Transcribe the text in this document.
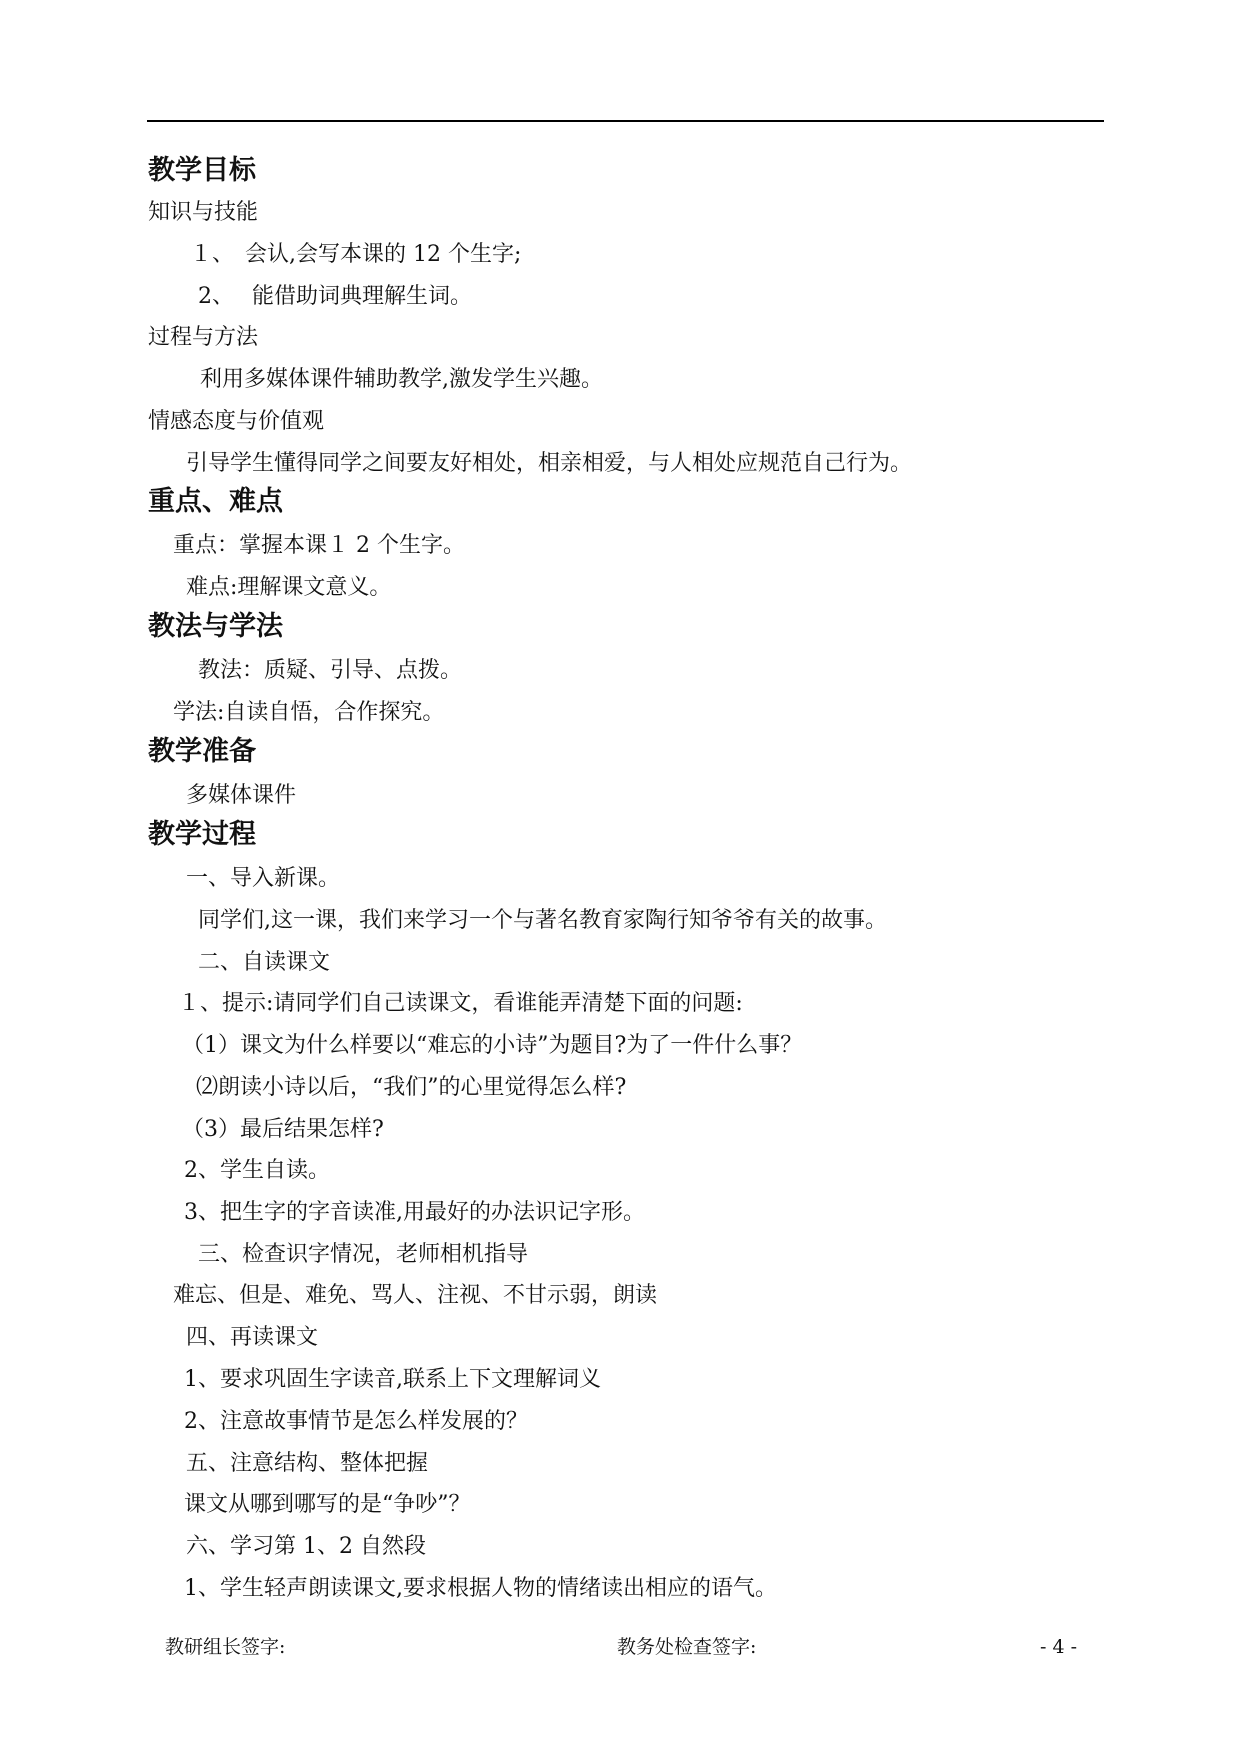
教学目标
知识与技能
１、　会认,会写本课的 12 个生字;
2、　 能借助词典理解生词。
过程与方法
利用多媒体课件辅助教学,激发学生兴趣。
情感态度与价值观
引导学生懂得同学之间要友好相处，相亲相爱，与人相处应规范自己行为。
重点、难点
重点：掌握本课１ 2 个生字。
难点:理解课文意义。
教法与学法
教法：质疑、引导、点拨。
学法:自读自悟，合作探究。
教学准备
多媒体课件
教学过程
一、导入新课。
同学们,这一课，我们来学习一个与著名教育家陶行知爷爷有关的故事。
二、自读课文
１、提示:请同学们自己读课文，看谁能弄清楚下面的问题:
（1）课文为什么样要以“难忘的小诗”为题目?为了一件什么事？
⑵朗读小诗以后，“我们”的心里觉得怎么样?
（3）最后结果怎样?
2、学生自读。
3、把生字的字音读准,用最好的办法识记字形。
三、检查识字情况，老师相机指导
难忘、但是、难免、骂人、注视、不甘示弱，朗读
四、再读课文
1、要求巩固生字读音,联系上下文理解词义
2、注意故事情节是怎么样发展的？
五、注意结构、整体把握
课文从哪到哪写的是“争吵”？
六、学习第 1、2 自然段
1、学生轻声朗读课文,要求根据人物的情绪读出相应的语气。
教研组长签字:	教务处检查签字:	- 4 -
